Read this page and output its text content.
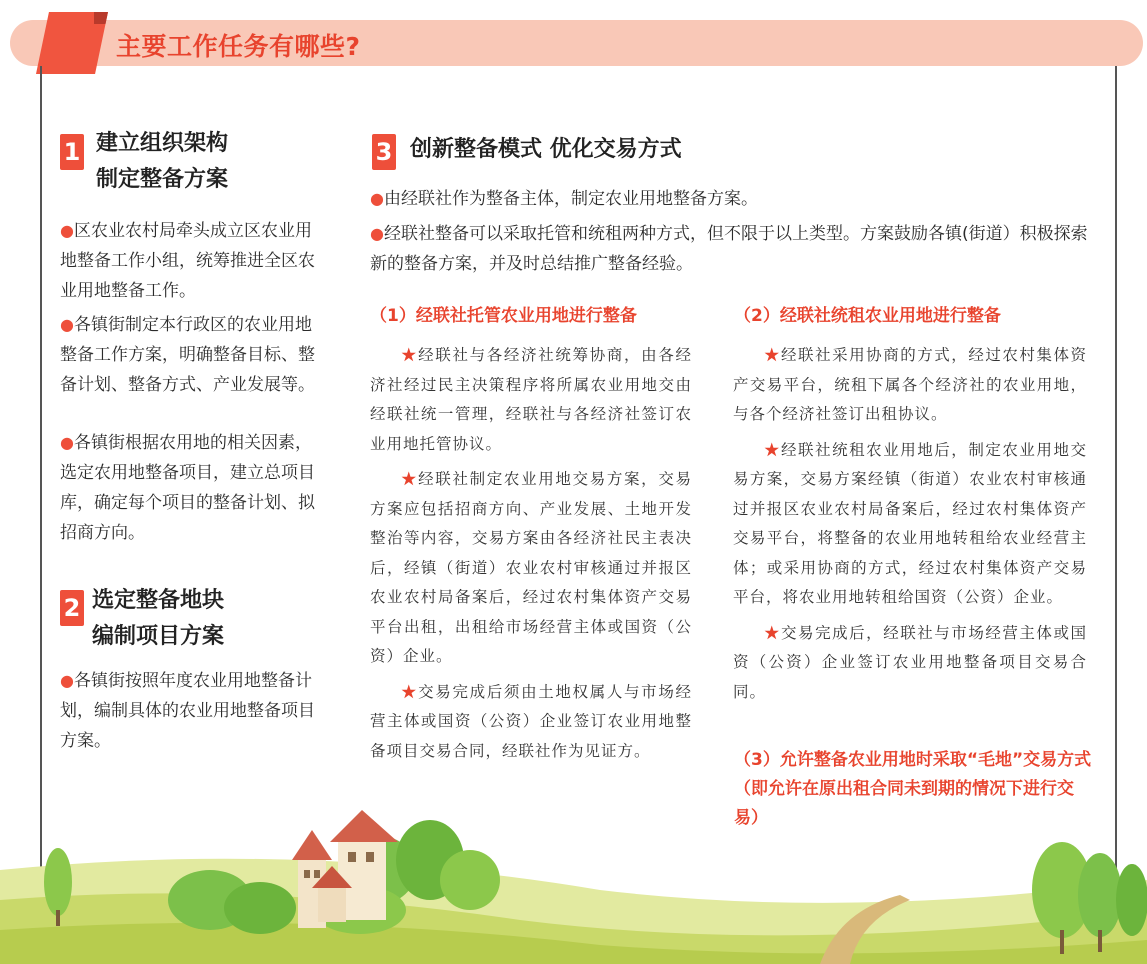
主要工作任务有哪些?
1 建立组织架构
制定整备方案
●区农业农村局牵头成立区农业用地整备工作小组，统筹推进全区农业用地整备工作。
●各镇街制定本行政区的农业用地整备工作方案，明确整备目标、整备计划、整备方式、产业发展等。
●各镇街根据农用地的相关因素，选定农用地整备项目，建立总项目库，确定每个项目的整备计划、拟招商方向。
2 选定整备地块
编制项目方案
●各镇街按照年度农业用地整备计划，编制具体的农业用地整备项目方案。
3 创新整备模式 优化交易方式
●由经联社作为整备主体，制定农业用地整备方案。
●经联社整备可以采取托管和统租两种方式，但不限于以上类型。方案鼓励各镇(街道）积极探索新的整备方案，并及时总结推广整备经验。
（1）经联社托管农业用地进行整备

★经联社与各经济社统筹协商，由各经济社经过民主决策程序将所属农业用地交由经联社统一管理，经联社与各经济社签订农业用地托管协议。

★经联社制定农业用地交易方案，交易方案应包括招商方向、产业发展、土地开发整治等内容，交易方案由各经济社民主表决后，经镇（街道）农业农村审核通过并报区农业农村局备案后，经过农村集体资产交易平台出租，出租给市场经营主体或国资（公资）企业。

★交易完成后须由土地权属人与市场经营主体或国资（公资）企业签订农业用地整备项目交易合同，经联社作为见证方。

（2）经联社统租农业用地进行整备

★经联社采用协商的方式，经过农村集体资产交易平台，统租下属各个经济社的农业用地，与各个经济社签订出租协议。

★经联社统租农业用地后，制定农业用地交易方案，交易方案经镇（街道）农业农村审核通过并报区农业农村局备案后，经过农村集体资产交易平台，将整备的农业用地转租给农业经营主体；或采用协商的方式，经过农村集体资产交易平台，将农业用地转租给国资（公资）企业。

★交易完成后，经联社与市场经营主体或国资（公资）企业签订农业用地整备项目交易合同。

（3）允许整备农业用地时采取“毛地”交易方式（即允许在原出租合同未到期的情况下进行交易）
